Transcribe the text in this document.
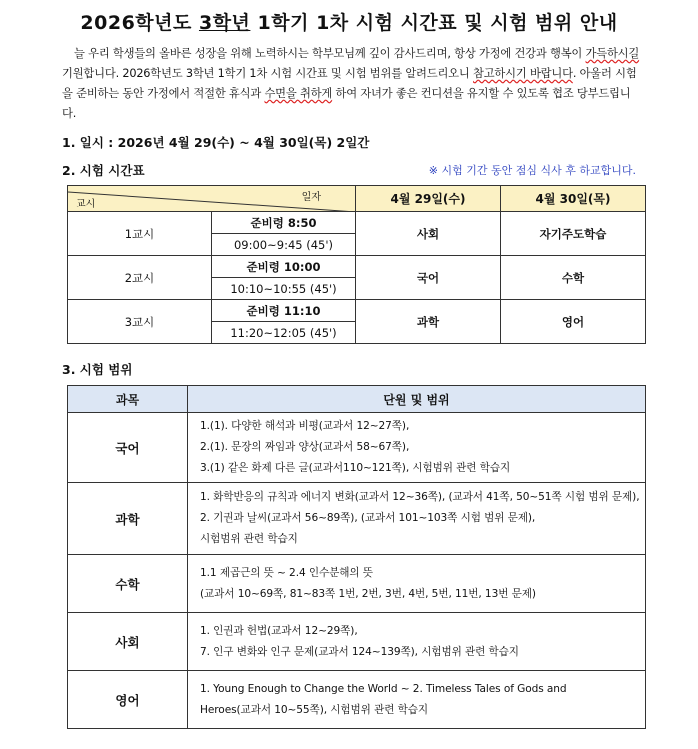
2026학년도 3학년 1학기 1차 시험 시간표 및 시험 범위 안내
늘 우리 학생들의 올바른 성장을 위해 노력하시는 학부모님께 깊이 감사드리며, 항상 가정에 건강과 행복이 가득하시길 기원합니다. 2026학년도 3학년 1학기 1차 시험 시간표 및 시험 범위를 알려드리오니 참고하시기 바랍니다. 아울러 시험을 준비하는 동안 가정에서 적절한 휴식과 수면을 취하게 하여 자녀가 좋은 컨디션을 유지할 수 있도록 협조 당부드립니다.
1. 일시 : 2026년 4월 29(수) ~ 4월 30일(목) 2일간
2. 시험 시간표	※ 시험 기간 동안 점심 식사 후 하교합니다.
교시
일자		4월 29일(수)	4월 30일(목)
1교시	준비령 8:50	사회	자기주도학습
	09:00~9:45 (45')		
2교시	준비령 10:00	국어	수학
	10:10~10:55 (45')		
3교시	준비령 11:10	과학	영어
	11:20~12:05 (45')		
3. 시험 범위
과목	단원 및 범위
국어	1.(1). 다양한 해석과 비평(교과서 12~27쪽),
2.(1). 문장의 짜임과 양상(교과서 58~67쪽),
3.(1) 같은 화제 다른 글(교과서110~121쪽), 시험범위 관련 학습지

과학	1. 화학반응의 규칙과 에너지 변화(교과서 12~36쪽), (교과서 41쪽, 50~51쪽 시험 범위 문제),
2. 기권과 날씨(교과서 56~89쪽), (교과서 101~103쪽 시험 범위 문제),
시험범위 관련 학습지

수학	1.1 제곱근의 뜻 ~ 2.4 인수분해의 뜻
(교과서 10~69쪽, 81~83쪽 1번, 2번, 3번, 4번, 5번, 11번, 13번 문제)

사회	1. 인권과 헌법(교과서 12~29쪽),
7. 인구 변화와 인구 문제(교과서 124~139쪽), 시험범위 관련 학습지

영어	1. Young Enough to Change the World ~ 2. Timeless Tales of Gods and
Heroes(교과서 10~55쪽), 시험범위 관련 학습지
